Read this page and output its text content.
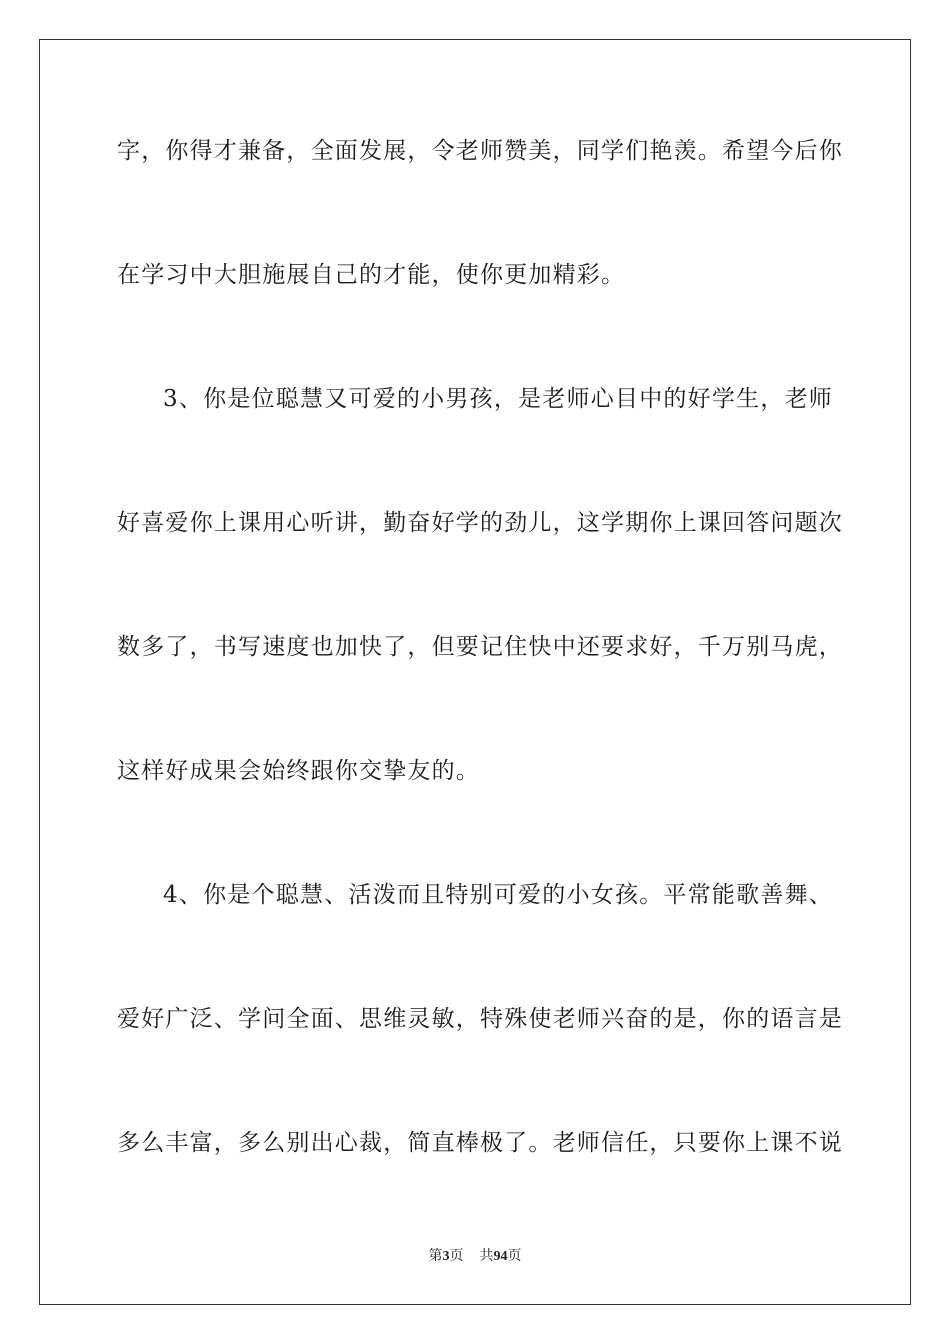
字，你得才兼备，全面发展，令老师赞美，同学们艳羡。希望今后你
在学习中大胆施展自己的才能，使你更加精彩。
3、你是位聪慧又可爱的小男孩，是老师心目中的好学生，老师
好喜爱你上课用心听讲，勤奋好学的劲儿，这学期你上课回答问题次
数多了，书写速度也加快了，但要记住快中还要求好，千万别马虎，
这样好成果会始终跟你交挚友的。
4、你是个聪慧、活泼而且特别可爱的小女孩。平常能歌善舞、
爱好广泛、学问全面、思维灵敏，特殊使老师兴奋的是，你的语言是
多么丰富，多么别出心裁，简直棒极了。老师信任，只要你上课不说
第3页 共94页
